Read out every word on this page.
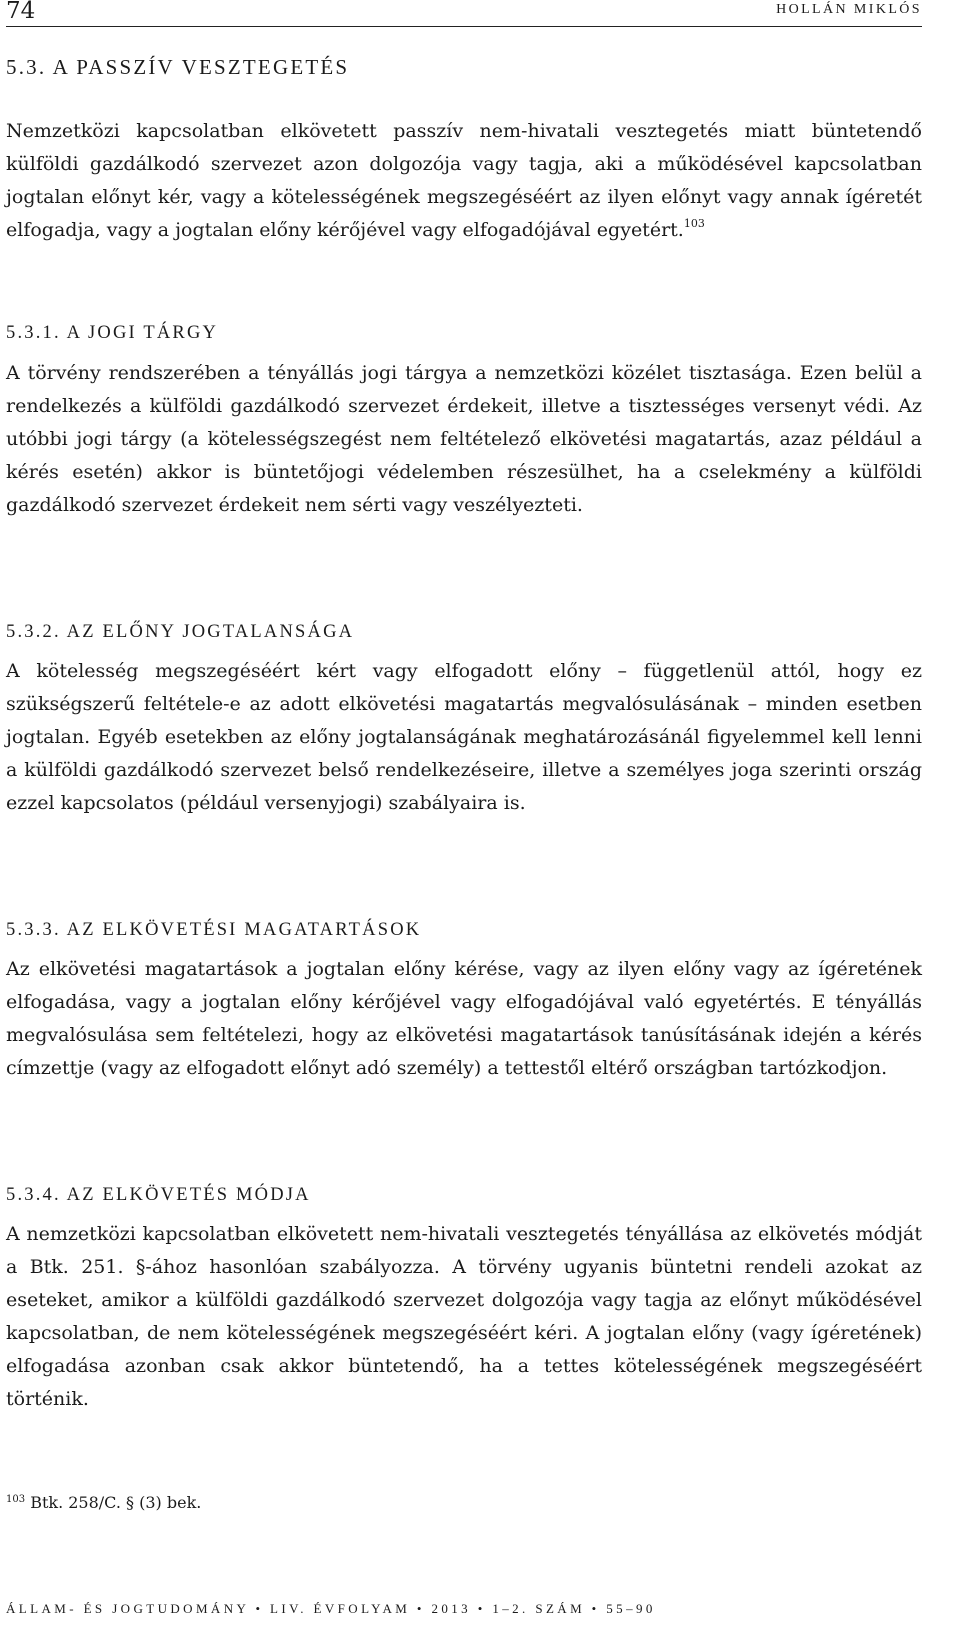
74	HOLLÁN MIKLÓS
5.3. A PASSZÍV VESZTEGETÉS

Nemzetközi kapcsolatban elkövetett passzív nem-hivatali vesztegetés miatt büntetendő külföldi gazdálkodó szervezet azon dolgozója vagy tagja, aki a működésével kapcsolatban jogtalan előnyt kér, vagy a kötelességének megszegéséért az ilyen előnyt vagy annak ígéretét elfogadja, vagy a jogtalan előny kérőjével vagy elfogadójával egyetért.$^{103}$

5.3.1. A JOGI TÁRGY

A törvény rendszerében a tényállás jogi tárgya a nemzetközi közélet tisztasága. Ezen belül a rendelkezés a külföldi gazdálkodó szervezet érdekeit, illetve a tisztességes versenyt védi. Az utóbbi jogi tárgy (a kötelességszegést nem feltételező elkövetési magatartás, azaz például a kérés esetén) akkor is büntetőjogi védelemben részesülhet, ha a cselekmény a külföldi gazdálkodó szervezet érdekeit nem sérti vagy veszélyezteti.

5.3.2. AZ ELŐNY JOGTALANSÁGA

A kötelesség megszegéséért kért vagy elfogadott előny – függetlenül attól, hogy ez szükségszerű feltétele-e az adott elkövetési magatartás megvalósulásának – minden esetben jogtalan. Egyéb esetekben az előny jogtalanságának meghatározásánál figyelemmel kell lenni a külföldi gazdálkodó szervezet belső rendelkezéseire, illetve a személyes joga szerinti ország ezzel kapcsolatos (például versenyjogi) szabályaira is.

5.3.3. AZ ELKÖVETÉSI MAGATARTÁSOK

Az elkövetési magatartások a jogtalan előny kérése, vagy az ilyen előny vagy az ígéretének elfogadása, vagy a jogtalan előny kérőjével vagy elfogadójával való egyetértés. E tényállás megvalósulása sem feltételezi, hogy az elkövetési magatartások tanúsításának idején a kérés címzettje (vagy az elfogadott előnyt adó személy) a tettestől eltérő országban tartózkodjon.

5.3.4. AZ ELKÖVETÉS MÓDJA

A nemzetközi kapcsolatban elkövetett nem-hivatali vesztegetés tényállása az elkövetés módját a Btk. 251. §-ához hasonlóan szabályozza. A törvény ugyanis büntetni rendeli azokat az eseteket, amikor a külföldi gazdálkodó szervezet dolgozója vagy tagja az előnyt működésével kapcsolatban, de nem kötelességének megszegéséért kéri. A jogtalan előny (vagy ígéretének) elfogadása azonban csak akkor büntetendő, ha a tettes kötelességének megszegéséért történik.

$^{103}$ Btk. 258/C. § (3) bek.
ÁLLAM- ÉS JOGTUDOMÁNY • LIV. ÉVFOLYAM • 2013 • 1–2. SZÁM • 55–90
